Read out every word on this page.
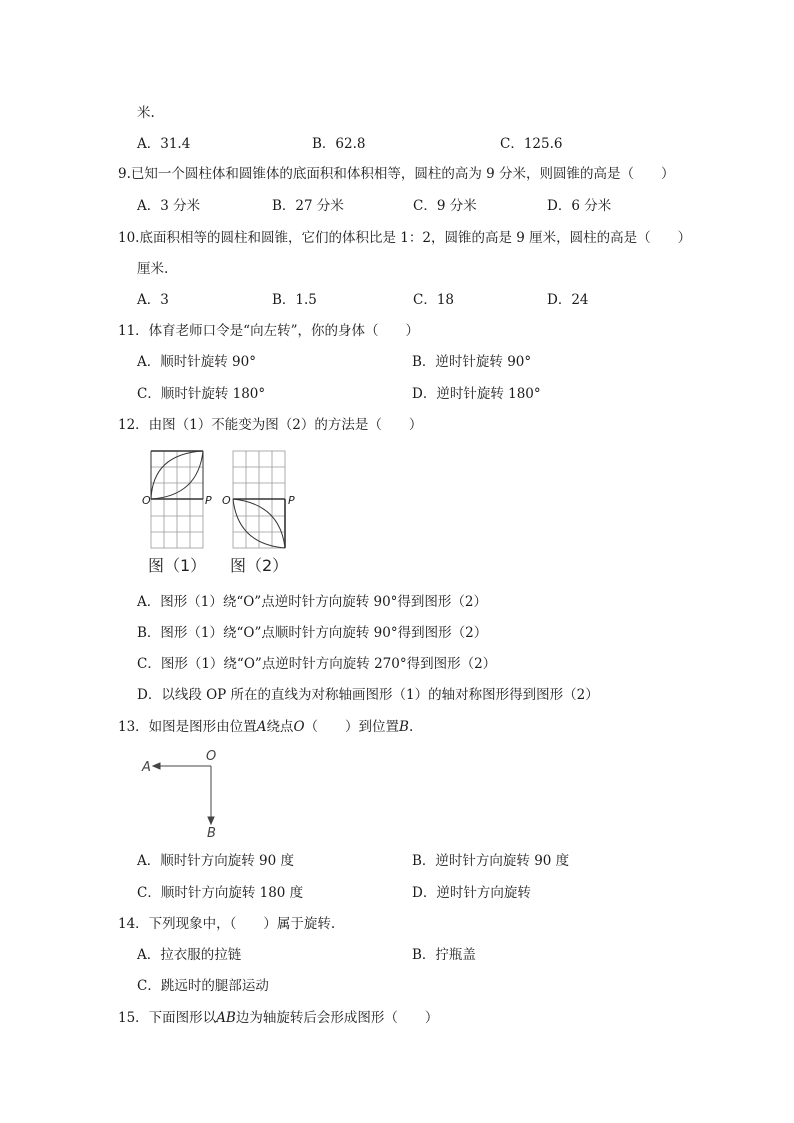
米.
A．31.4	B．62.8	C．125.6
9.已知一个圆柱体和圆锥体的底面积和体积相等，圆柱的高为 9 分米，则圆锥的高是（　　）
A．3 分米	B．27 分米	C．9 分米	D．6 分米
10.底面积相等的圆柱和圆锥，它们的体积比是 1：2，圆锥的高是 9 厘米，圆柱的高是（　　）
厘米.
A．3	B．1.5	C．18	D．24
11．体育老师口令是“向左转”，你的身体（　　）
A．顺时针旋转 90°	B．逆时针旋转 90°
C．顺时针旋转 180°	D．逆时针旋转 180°
12．由图（1）不能变为图（2）的方法是（　　）
O	P
图（1）
O	P
图（2）
A．图形（1）绕“O”点逆时针方向旋转 90°得到图形（2）
B．图形（1）绕“O”点顺时针方向旋转 90°得到图形（2）
C．图形（1）绕“O”点逆时针方向旋转 270°得到图形（2）
D．以线段 OP 所在的直线为对称轴画图形（1）的轴对称图形得到图形（2）
13．如图是图形由位置A绕点O（　　）到位置B.
A
O
B
A．顺时针方向旋转 90 度	B．逆时针方向旋转 90 度
C．顺时针方向旋转 180 度	D．逆时针方向旋转
14．下列现象中，（　　）属于旋转.
A．拉衣服的拉链	B．拧瓶盖
C．跳远时的腿部运动
15．下面图形以AB边为轴旋转后会形成图形（　　）
